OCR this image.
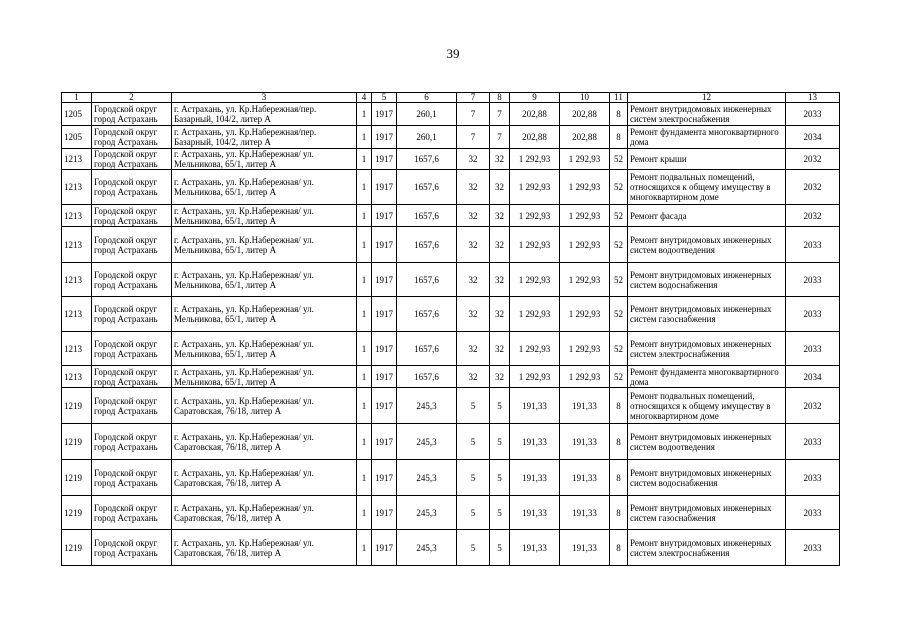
39
1	2	3	4	5	6	7	8	9	10	11	12	13
1205	Городской округ город Астрахань	г. Астрахань, ул. Кр.Набережная/пер. Базарный, 104/2, литер А	1	1917	260,1	7	7	202,88	202,88	8	Ремонт внутридомовых инженерных систем электроснабжения	2033
1205	Городской округ город Астрахань	г. Астрахань, ул. Кр.Набережная/пер. Базарный, 104/2, литер А	1	1917	260,1	7	7	202,88	202,88	8	Ремонт фундамента многоквартирного дома	2034
1213	Городской округ город Астрахань	г. Астрахань, ул. Кр.Набережная/ ул. Мельникова, 65/1, литер А	1	1917	1657,6	32	32	1 292,93	1 292,93	52	Ремонт крыши	2032
1213	Городской округ город Астрахань	г. Астрахань, ул. Кр.Набережная/ ул. Мельникова, 65/1, литер А	1	1917	1657,6	32	32	1 292,93	1 292,93	52	Ремонт подвальных помещений, относящихся к общему имуществу в многоквартирном доме	2032
1213	Городской округ город Астрахань	г. Астрахань, ул. Кр.Набережная/ ул. Мельникова, 65/1, литер А	1	1917	1657,6	32	32	1 292,93	1 292,93	52	Ремонт фасада	2032
1213	Городской округ город Астрахань	г. Астрахань, ул. Кр.Набережная/ ул. Мельникова, 65/1, литер А	1	1917	1657,6	32	32	1 292,93	1 292,93	52	Ремонт внутридомовых инженерных систем водоотведения	2033
1213	Городской округ город Астрахань	г. Астрахань, ул. Кр.Набережная/ ул. Мельникова, 65/1, литер А	1	1917	1657,6	32	32	1 292,93	1 292,93	52	Ремонт внутридомовых инженерных систем водоснабжения	2033
1213	Городской округ город Астрахань	г. Астрахань, ул. Кр.Набережная/ ул. Мельникова, 65/1, литер А	1	1917	1657,6	32	32	1 292,93	1 292,93	52	Ремонт внутридомовых инженерных систем газоснабжения	2033
1213	Городской округ город Астрахань	г. Астрахань, ул. Кр.Набережная/ ул. Мельникова, 65/1, литер А	1	1917	1657,6	32	32	1 292,93	1 292,93	52	Ремонт внутридомовых инженерных систем электроснабжения	2033
1213	Городской округ город Астрахань	г. Астрахань, ул. Кр.Набережная/ ул. Мельникова, 65/1, литер А	1	1917	1657,6	32	32	1 292,93	1 292,93	52	Ремонт фундамента многоквартирного дома	2034
1219	Городской округ город Астрахань	г. Астрахань, ул. Кр.Набережная/ ул. Саратовская, 76/18, литер А	1	1917	245,3	5	5	191,33	191,33	8	Ремонт подвальных помещений, относящихся к общему имуществу в многоквартирном доме	2032
1219	Городской округ город Астрахань	г. Астрахань, ул. Кр.Набережная/ ул. Саратовская, 76/18, литер А	1	1917	245,3	5	5	191,33	191,33	8	Ремонт внутридомовых инженерных систем водоотведения	2033
1219	Городской округ город Астрахань	г. Астрахань, ул. Кр.Набережная/ ул. Саратовская, 76/18, литер А	1	1917	245,3	5	5	191,33	191,33	8	Ремонт внутридомовых инженерных систем водоснабжения	2033
1219	Городской округ город Астрахань	г. Астрахань, ул. Кр.Набережная/ ул. Саратовская, 76/18, литер А	1	1917	245,3	5	5	191,33	191,33	8	Ремонт внутридомовых инженерных систем газоснабжения	2033
1219	Городской округ город Астрахань	г. Астрахань, ул. Кр.Набережная/ ул. Саратовская, 76/18, литер А	1	1917	245,3	5	5	191,33	191,33	8	Ремонт внутридомовых инженерных систем электроснабжения	2033
